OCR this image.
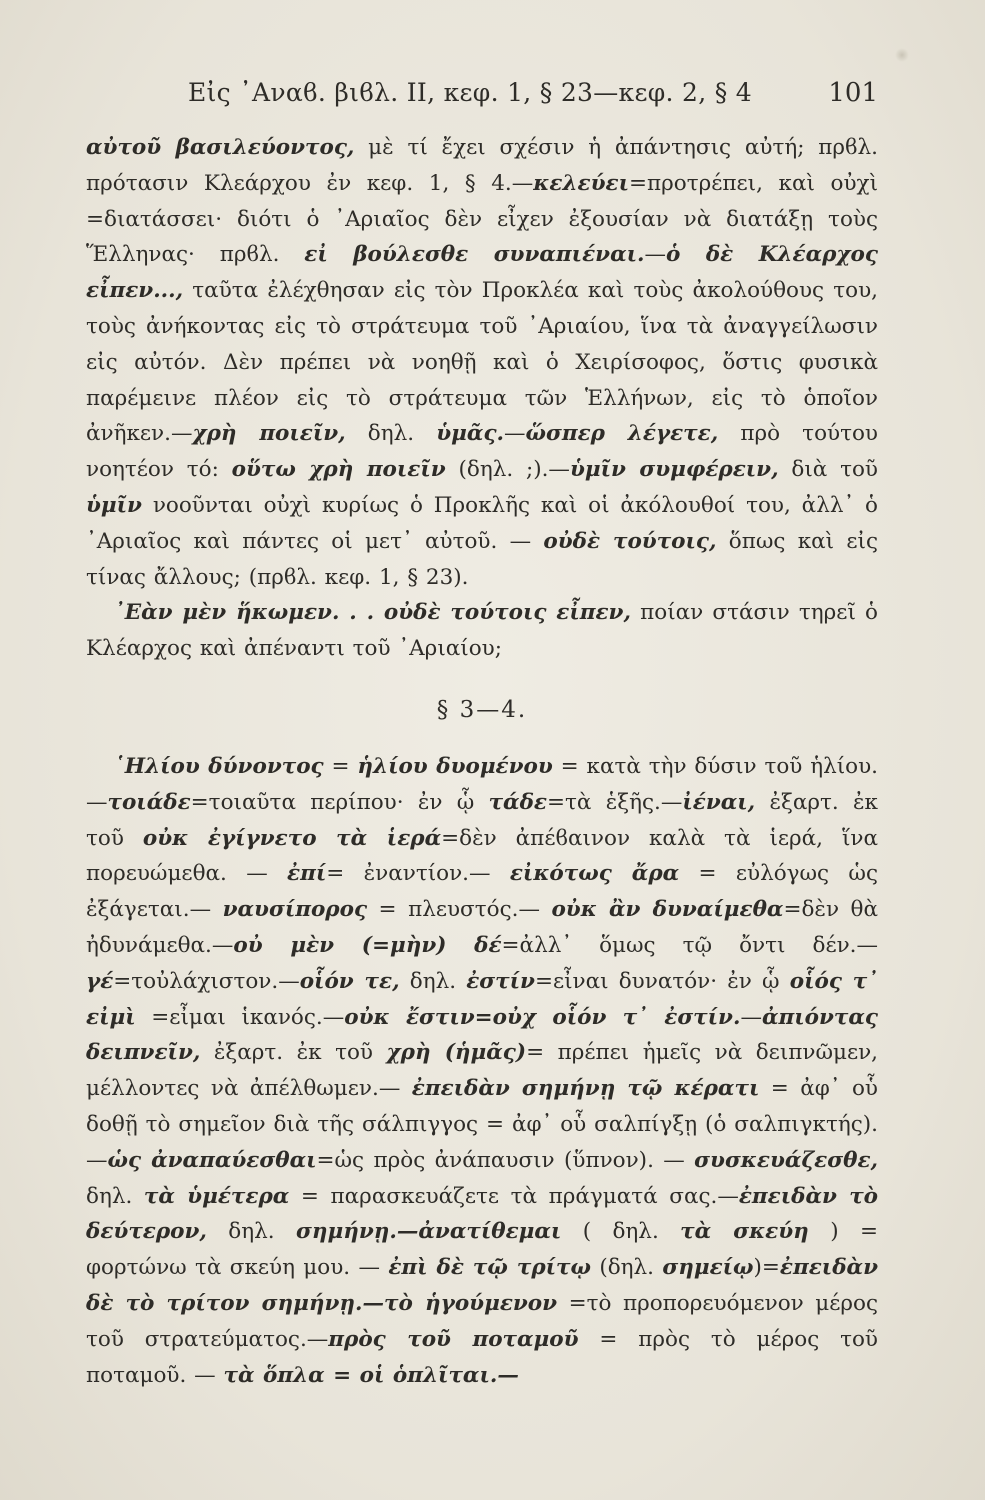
Εἰς ᾿Αναϐ. βιϐλ. ΙΙ, κεφ. 1, § 23—κεφ. 2, § 4	101

αὐτοῦ βασιλεύοντος, μὲ τί ἔχει σχέσιν ἡ ἀπάντησις αὐτή; πρϐλ. πρότασιν Κλεάρχου ἐν κεφ. 1, § 4.—κελεύει=προτρέπει, καὶ οὐχὶ =διατάσσει· διότι ὁ ᾿Αριαῖος δὲν εἶχεν ἐξουσίαν νὰ διατάξῃ τοὺς Ἕλληνας· πρϐλ. εἰ βούλεσθε συναπιέναι.—ὁ δὲ Κλέαρχος εἶπεν..., ταῦτα ἐλέχθησαν εἰς τὸν Προκλέα καὶ τοὺς ἀκολούθους του, τοὺς ἀνήκοντας εἰς τὸ στράτευμα τοῦ ᾿Αριαίου, ἵνα τὰ ἀναγγείλωσιν εἰς αὐτόν. Δὲν πρέπει νὰ νοηθῇ καὶ ὁ Χειρίσοφος, ὅστις φυσικὰ παρέμεινε πλέον εἰς τὸ στράτευμα τῶν Ἑλλήνων, εἰς τὸ ὁποῖον ἀνῆκεν.—χρὴ ποιεῖν, δηλ. ὑμᾶς.—ὥσπερ λέγετε, πρὸ τούτου νοητέον τό: οὕτω χρὴ ποιεῖν (δηλ. ;).—ὑμῖν συμφέρειν, διὰ τοῦ ὑμῖν νοοῦνται οὐχὶ κυρίως ὁ Προκλῆς καὶ οἱ ἀκόλουθοί του, ἀλλ᾿ ὁ ᾿Αριαῖος καὶ πάντες οἱ μετ᾿ αὐτοῦ. — οὐδὲ τούτοις, ὅπως καὶ εἰς τίνας ἄλλους; (πρϐλ. κεφ. 1, § 23).

᾿Εὰν μὲν ἥκωμεν. . . οὐδὲ τούτοις εἶπεν, ποίαν στάσιν τηρεῖ ὁ Κλέαρχος καὶ ἀπέναντι τοῦ ᾿Αριαίου;

§ 3—4.

῾Ηλίου δύνοντος = ἡλίου δυομένου = κατὰ τὴν δύσιν τοῦ ἡλίου.—τοιάδε=τοιαῦτα περίπου· ἐν ᾧ τάδε=τὰ ἑξῆς.—ἰέναι, ἐξαρτ. ἐκ τοῦ οὐκ ἐγίγνετο τὰ ἱερά=δὲν ἀπέϐαινον καλὰ τὰ ἱερά, ἵνα πορευώμεθα. — ἐπί= ἐναντίον.— εἰκότως ἄρα = εὐλόγως ὡς ἐξάγεται.— ναυσίπορος = πλευστός.— οὐκ ἂν δυναίμεθα=δὲν θὰ ἠδυνάμεθα.—οὐ μὲν (=μὴν) δέ=ἀλλ᾿ ὅμως τῷ ὄντι δέν.—γέ=τοὐλάχιστον.—οἷόν τε, δηλ. ἐστίν=εἶναι δυνατόν· ἐν ᾧ οἷός τ᾿ εἰμὶ =εἶμαι ἱκανός.—οὐκ ἔστιν=οὐχ οἷόν τ᾿ ἐστίν.—ἀπιόντας δειπνεῖν, ἐξαρτ. ἐκ τοῦ χρὴ (ἡμᾶς)= πρέπει ἡμεῖς νὰ δειπνῶμεν, μέλλοντες νὰ ἀπέλθωμεν.— ἐπειδὰν σημήνῃ τῷ κέρατι = ἀφ᾿ οὗ δοθῇ τὸ σημεῖον διὰ τῆς σάλπιγγος = ἀφ᾿ οὗ σαλπίγξῃ (ὁ σαλπιγκτής).—ὡς ἀναπαύεσθαι=ὡς πρὸς ἀνάπαυσιν (ὕπνον). — συσκευάζεσθε, δηλ. τὰ ὑμέτερα = παρασκευάζετε τὰ πράγματά σας.—ἐπειδὰν τὸ δεύτερον, δηλ. σημήνῃ.—ἀνατίθεμαι ( δηλ. τὰ σκεύη ) = φορτώνω τὰ σκεύη μου. — ἐπὶ δὲ τῷ τρίτῳ (δηλ. σημείῳ)=ἐπειδὰν δὲ τὸ τρίτον σημήνῃ.—τὸ ἡγούμενον =τὸ προπορευόμενον μέρος τοῦ στρατεύματος.—πρὸς τοῦ ποταμοῦ = πρὸς τὸ μέρος τοῦ ποταμοῦ. — τὰ ὅπλα = οἱ ὁπλῖται.—
